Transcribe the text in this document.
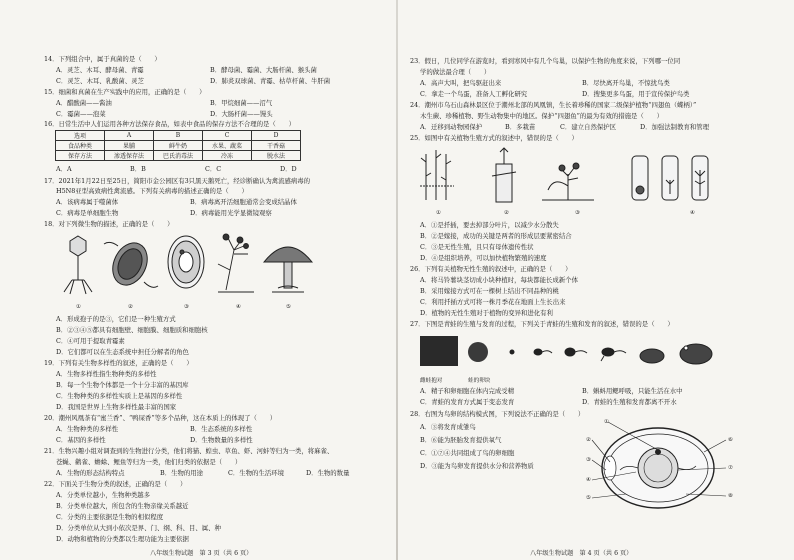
14．下列组合中，属于真菌的是（　　）
A．灵芝、木耳、酵母菌、青霉	B．酵母菌、霉菌、大肠杆菌、猴头菌
C．灵芝、木耳、乳酸菌、灵芝	D．肺炎双球菌、青霉、枯草杆菌、牛肝菌
15．细菌和真菌在生产实践中的应用，正确的是（　　）
A．醋酸菌——酱油	B．甲烷细菌——沼气
C．霉菌——泡菜	D．大肠杆菌——馒头
16．日常生活中人们运用各种方法保存食品，如表中食品的保存方法不合理的是（　　）
选项	A	B	C	D
食品种类	果脯	鲜牛奶	水果、蔬菜	干香菇
保存方法	渗透保存法	巴氏消毒法	冷冻	脱水法
A．A	B．B	C．C	D．D
17．2021年1月22日至25日，简阳市金公园区有3只黑天鹅死亡，经诊断确认为禽流感病毒的
H5N8亚型高致病性禽流感。下列有关病毒的描述正确的是（　　）
A．该病毒属于噬菌体	B．病毒离开活细胞通常会变成结晶体
C．病毒是单细胞生物	D．病毒能用光学显微镜观察
18．对下列微生物的描述，正确的是（　　）
①	②	③	④	⑤
A．形成孢子的是③，它们是一种生殖方式
B．②③④⑤都具有细胞壁、细胞膜、细胞质和细胞核
C．④可用于提取青霉素
D．它们都可以在生态系统中担任分解者的角色
19．下列有关生物多样性的叙述，正确的是（　　）
A．生物多样性指生物种类的多样性
B．每一个生物个体都是一个十分丰富的基因库
C．生物种类的多样性实质上是基因的多样性
D．我国是世界上生物多样性最丰富的国家
20．潮州风凰茶有“蜜兰香”、“鸭屎香”等多个品种，这在本质上的体现了（　　）
A．生物种类的多样性	B．生态系统的多样性
C．基因的多样性	D．生物数量的多样性
21．生物兴趣小组对调查到的生物进行分类，他们将猫、蝗虫、草鱼、虾、河蚌等归为一类，将麻雀、
苍蝇、鹳雀、蟾蜍、鲤鱼等归为一类，他们归类的依据是（　　）
A．生物的形态结构特点	B．生物的用途	C．生物的生活环境	D．生物的数量
22．下面关于生物分类的叙述，正确的是（　　）
A．分类单位越小，生物种类越多
B．分类单位越大，所包含的生物亲缘关系越近
C．分类的主要依据是生物的相似程度
D．分类单位从大到小依次是界、门、纲、科、目、属、种
D．动物和植物的分类都以生理功能为主要依据
八年级生物试题　第 3 页（共 6 页）
23．假日，几位同学在游览时，看到寒风中有几个鸟巢，以保护生物的角度来说，下列哪一位同
学的做法最合理（　　）
A．高声大叫，把鸟驱赶出来	B．尽快离开鸟巢，不惊扰鸟类
C．拿走一个鸟蛋，准备人工孵化研究	D．搜集更多鸟蛋，用于宣传保护鸟类
24．潮州市乌石山森林景区位于潮州北部的风凰镇，生长着珍稀的国家二级保护植物“四翅鱼（蝶柄）”
木生蕨、珍稀植物、野生动物集中的地区。保护“四翅鱼”的最为有效的措施是（　　）
A．迁移到动物园保护	B．多栽苗	C．建立自然保护区	D．加强法制教育和管理
25．如图中有关植物生殖方式的叙述中，错误的是（　　）
①	②	③	④
A．①是扦插，要去掉部分叶片，以减少水分散失
B．②是嫁接，成功的关键是两者的形成层要紧密结合
C．③是无性生殖，且只有母体遗传性状
D．④是组织培养，可以加快植物繁殖的速度
26．下列有关植物无性生殖的叙述中，正确的是（　　）
A．将马铃薯块茎切成小块种植时，每块都能长成新个体
B．采用嫁接方式可在一棵树上结出不同品种的桃
C．利用扦插方式可将一株月季花在地面上生长出来
D．植物的无性生殖对于植物的变异和进化有利
27．下图是青蛙的生殖与发育的过程，下列关于青蛙的生殖和发育的叙述，错误的是（　　）
雌蛙抱对	蛙的卵块
A．精子和卵细胞在体内完成受精	B．蝌蚪用鳃呼吸，只能生活在水中
C．青蛙的发育方式属于变态发育	D．青蛙的生殖和发育都离不开水
28．右图为鸟卵的结构模式图，下列说法不正确的是（　　）
A．③将发育成雏鸟
B．⑥能为胚胎发育提供氧气
C．①⑦④共同组成了鸟的卵细胞
D．③能为鸟卵发育提供水分和营养物质
①
②
③
④
⑤
⑥
⑦
⑧
八年级生物试题　第 4 页（共 6 页）
